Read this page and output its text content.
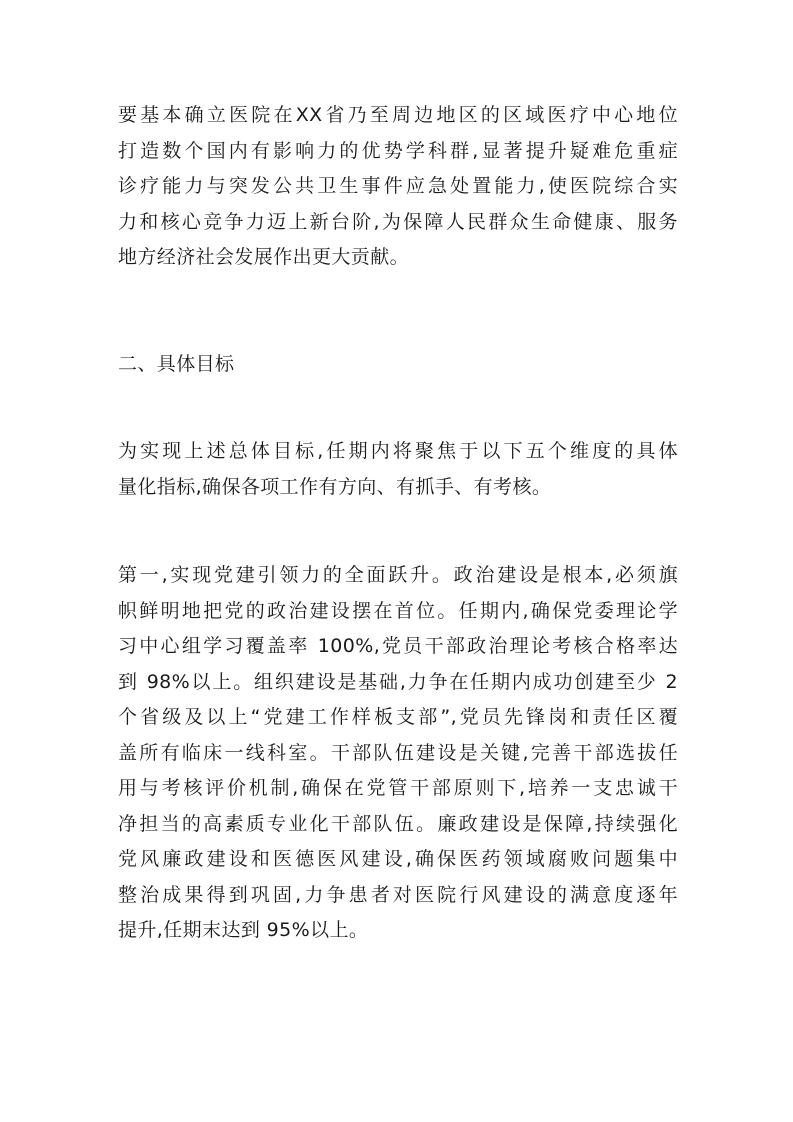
要基本确立医院在XX省乃至周边地区的区域医疗中心地位
打造数个国内有影响力的优势学科群,显著提升疑难危重症
诊疗能力与突发公共卫生事件应急处置能力,使医院综合实
力和核心竞争力迈上新台阶,为保障人民群众生命健康、服务
地方经济社会发展作出更大贡献。
二、具体目标
为实现上述总体目标,任期内将聚焦于以下五个维度的具体
量化指标,确保各项工作有方向、有抓手、有考核。
第一,实现党建引领力的全面跃升。政治建设是根本,必须旗
帜鲜明地把党的政治建设摆在首位。任期内,确保党委理论学
习中心组学习覆盖率 100%,党员干部政治理论考核合格率达
到 98%以上。组织建设是基础,力争在任期内成功创建至少 2
个省级及以上“党建工作样板支部”,党员先锋岗和责任区覆
盖所有临床一线科室。干部队伍建设是关键,完善干部选拔任
用与考核评价机制,确保在党管干部原则下,培养一支忠诚干
净担当的高素质专业化干部队伍。廉政建设是保障,持续强化
党风廉政建设和医德医风建设,确保医药领域腐败问题集中
整治成果得到巩固,力争患者对医院行风建设的满意度逐年
提升,任期末达到 95%以上。
